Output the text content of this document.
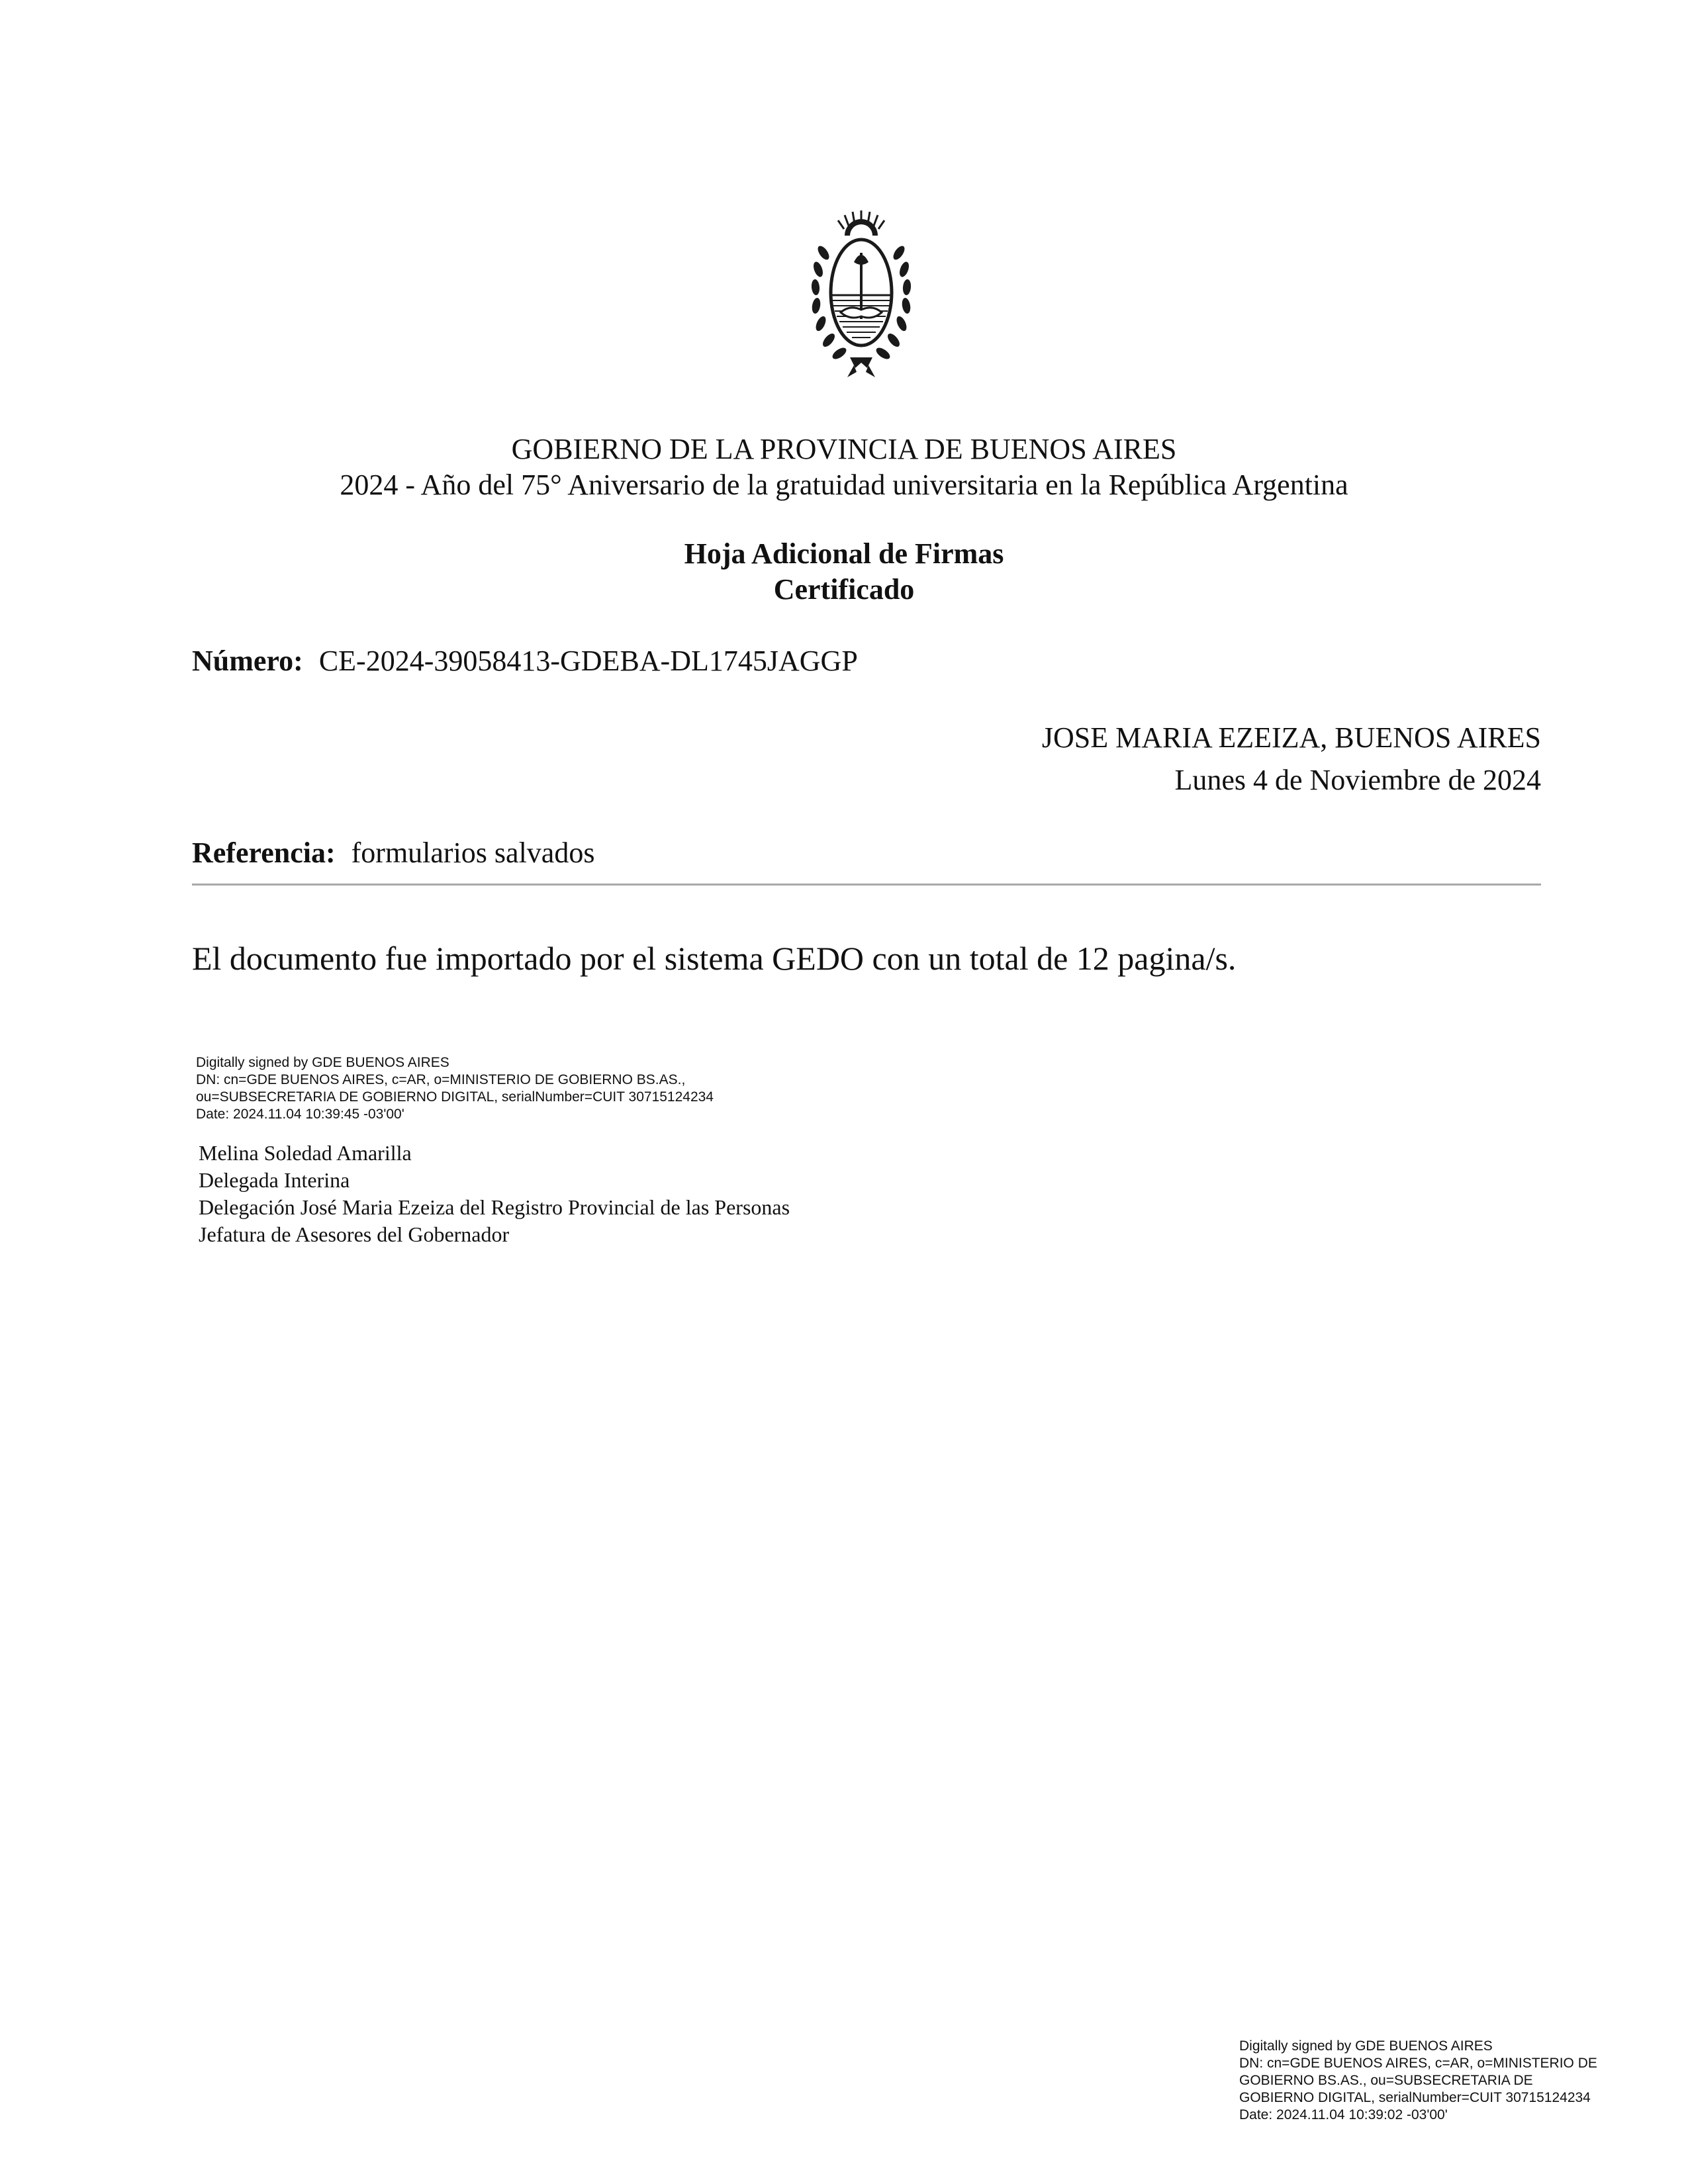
GOBIERNO DE LA PROVINCIA DE BUENOS AIRES
2024 - Año del 75° Aniversario de la gratuidad universitaria en la República Argentina
Hoja Adicional de Firmas
Certificado
Número: CE-2024-39058413-GDEBA-DL1745JAGGP
JOSE MARIA EZEIZA, BUENOS AIRES
Lunes 4 de Noviembre de 2024
Referencia: formularios salvados
El documento fue importado por el sistema GEDO con un total de 12 pagina/s.
Digitally signed by GDE BUENOS AIRES
DN: cn=GDE BUENOS AIRES, c=AR, o=MINISTERIO DE GOBIERNO BS.AS.,
ou=SUBSECRETARIA DE GOBIERNO DIGITAL, serialNumber=CUIT 30715124234
Date: 2024.11.04 10:39:45 -03'00'
Melina Soledad Amarilla
Delegada Interina
Delegación José Maria Ezeiza del Registro Provincial de las Personas
Jefatura de Asesores del Gobernador
Digitally signed by GDE BUENOS AIRES
DN: cn=GDE BUENOS AIRES, c=AR, o=MINISTERIO DE
GOBIERNO BS.AS., ou=SUBSECRETARIA DE
GOBIERNO DIGITAL, serialNumber=CUIT 30715124234
Date: 2024.11.04 10:39:02 -03'00'
